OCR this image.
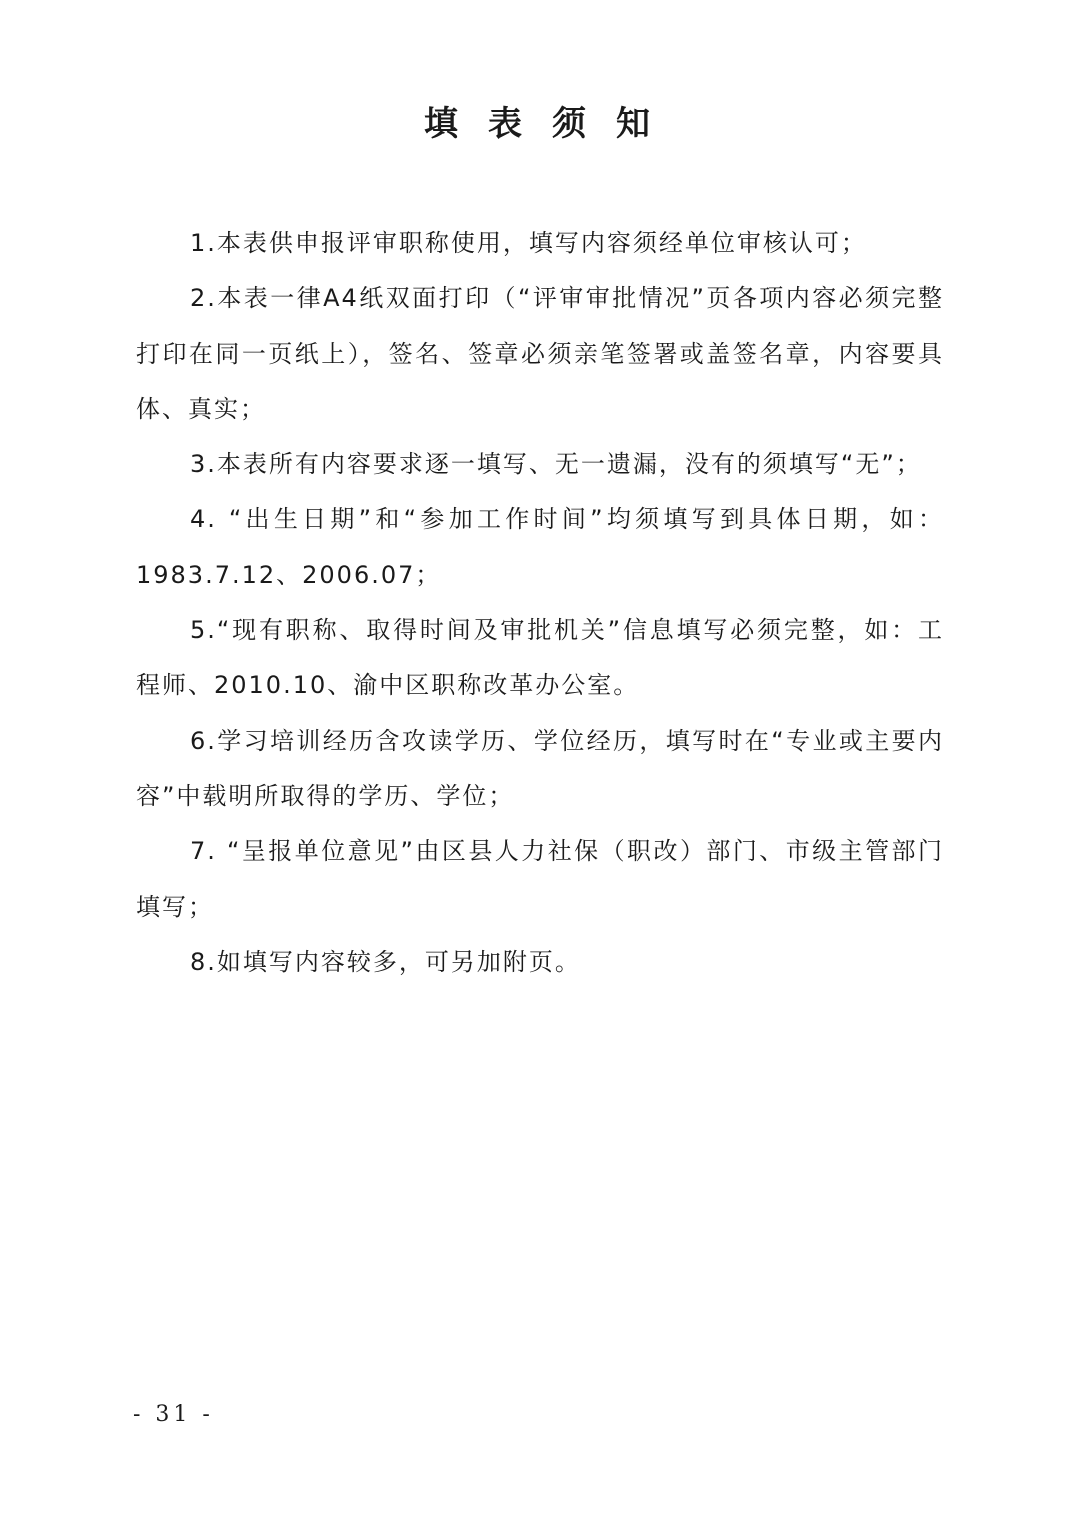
填表须知

1.本表供申报评审职称使用，填写内容须经单位审核认可；

2.本表一律A4纸双面打印（“评审审批情况”页各项内容必须完整打印在同一页纸上），签名、签章必须亲笔签署或盖签名章，内容要具体、真实；

3.本表所有内容要求逐一填写、无一遗漏，没有的须填写“无”；

4. “出生日期”和“参加工作时间”均须填写到具体日期，如：1983.7.12、2006.07；

5.“现有职称、取得时间及审批机关”信息填写必须完整，如：工程师、2010.10、渝中区职称改革办公室。

6.学习培训经历含攻读学历、学位经历，填写时在“专业或主要内容”中载明所取得的学历、学位；

7. “呈报单位意见”由区县人力社保（职改）部门、市级主管部门填写；

8.如填写内容较多，可另加附页。

- 31 -
